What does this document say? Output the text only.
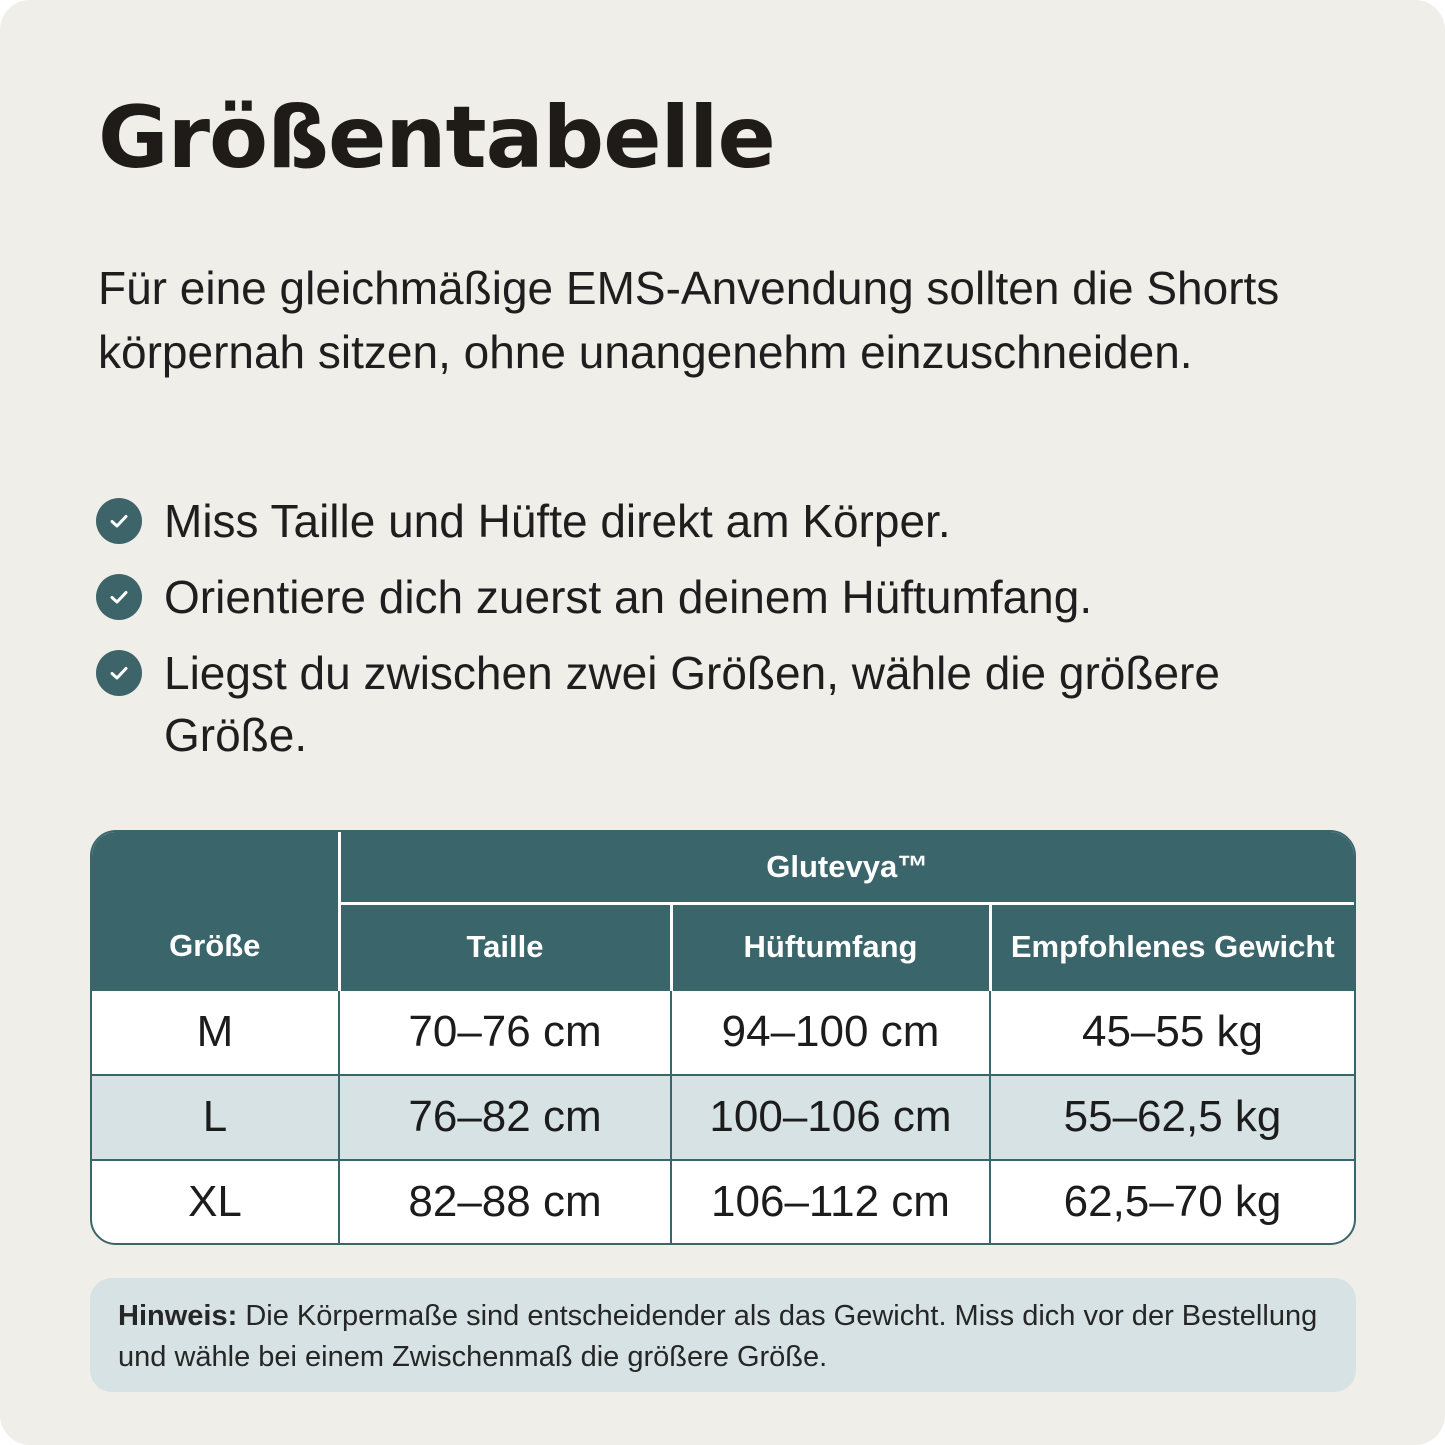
Größentabelle

Für eine gleichmäßige EMS-Anvendung sollten die Shorts körpernah sitzen, ohne unangenehm einzuschneiden.

Miss Taille und Hüfte direkt am Körper.
Orientiere dich zuerst an deinem Hüftumfang.
Liegst du zwischen zwei Größen, wähle die größere Größe.
Größe	Glutevya™		
	Taille	Hüftumfang	Empfohlenes Gewicht
M	70–76 cm	94–100 cm	45–55 kg
L	76–82 cm	100–106 cm	55–62,5 kg
XL	82–88 cm	106–112 cm	62,5–70 kg
Hinweis: Die Körpermaße sind entscheidender als das Gewicht. Miss dich vor der Bestellung und wähle bei einem Zwischenmaß die größere Größe.
